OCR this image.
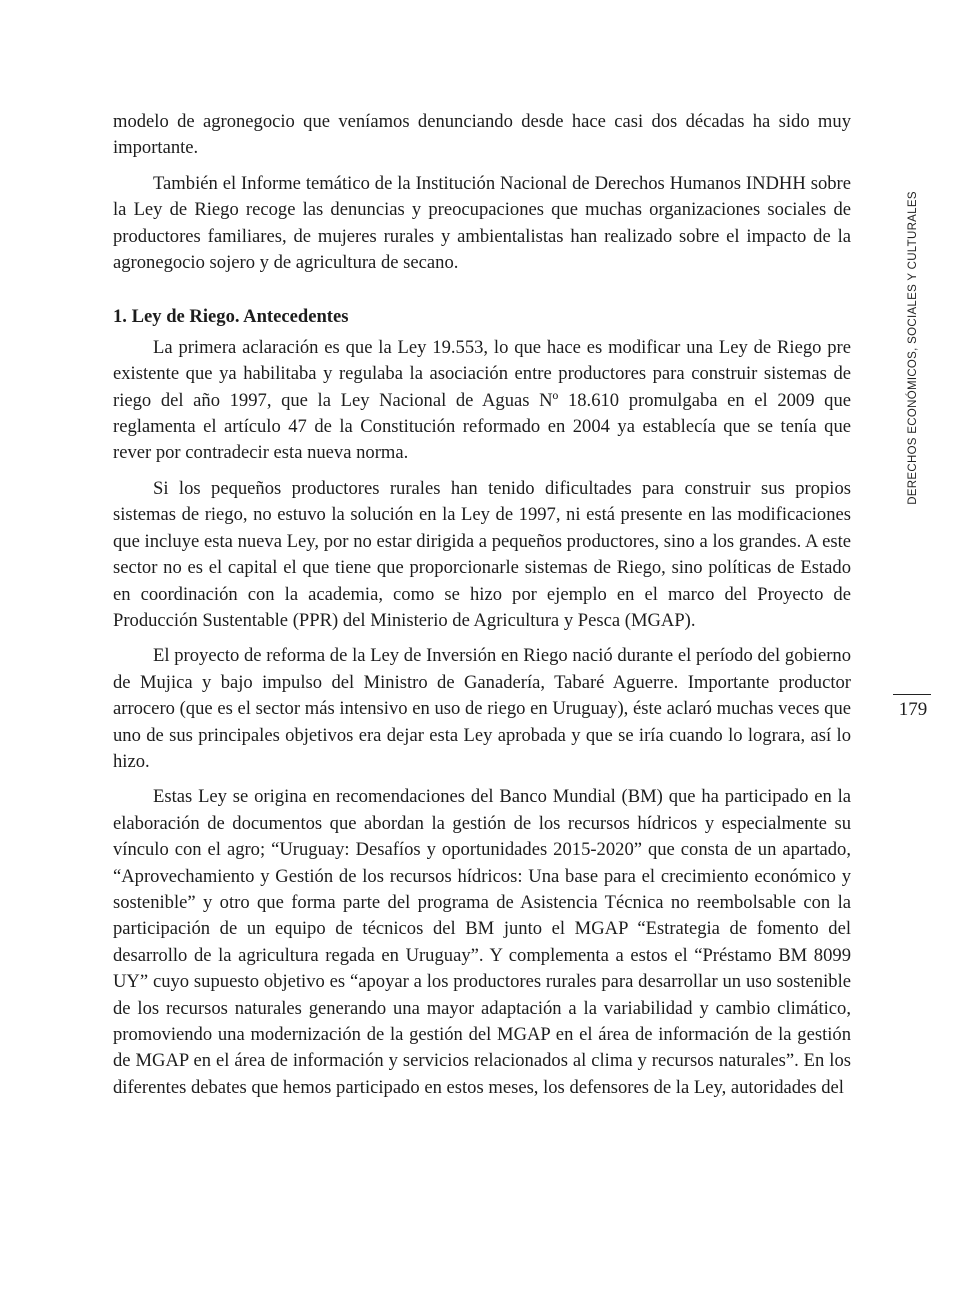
modelo de agronegocio que veníamos denunciando desde hace casi dos décadas ha sido muy importante.

También el Informe temático de la Institución Nacional de Derechos Humanos INDHH sobre la Ley de Riego recoge las denuncias y preocupaciones que muchas organizaciones sociales de productores familiares, de mujeres rurales y ambientalistas han realizado sobre el impacto de la agronegocio sojero y de agricultura de secano.

1. Ley de Riego. Antecedentes

La primera aclaración es que la Ley 19.553, lo que hace es modificar una Ley de Riego pre existente que ya habilitaba y regulaba la asociación entre productores para construir sistemas de riego del año 1997, que la Ley Nacional de Aguas Nº 18.610 promulgaba en el 2009 que reglamenta el artículo 47 de la Constitución reformado en 2004 ya establecía que se tenía que rever por contradecir esta nueva norma.

Si los pequeños productores rurales han tenido dificultades para construir sus propios sistemas de riego, no estuvo la solución en la Ley de 1997, ni está presente en las modificaciones que incluye esta nueva Ley, por no estar dirigida a pequeños productores, sino a los grandes. A este sector no es el capital el que tiene que proporcionarle sistemas de Riego, sino políticas de Estado en coordinación con la academia, como se hizo por ejemplo en el marco del Proyecto de Producción Sustentable (PPR) del Ministerio de Agricultura y Pesca (MGAP).

El proyecto de reforma de la Ley de Inversión en Riego nació durante el período del gobierno de Mujica y bajo impulso del Ministro de Ganadería, Tabaré Aguerre. Importante productor arrocero (que es el sector más intensivo en uso de riego en Uruguay), éste aclaró muchas veces que uno de sus principales objetivos era dejar esta Ley aprobada y que se iría cuando lo lograra, así lo hizo.

Estas Ley se origina en recomendaciones del Banco Mundial (BM) que ha participado en la elaboración de documentos que abordan la gestión de los recursos hídricos y especialmente su vínculo con el agro; “Uruguay: Desafíos y oportunidades 2015-2020” que consta de un apartado, “Aprovechamiento y Gestión de los recursos hídricos: Una base para el crecimiento económico y sostenible” y otro que forma parte del programa de Asistencia Técnica no reembolsable con la participación de un equipo de técnicos del BM junto el MGAP “Estrategia de fomento del desarrollo de la agricultura regada en Uruguay”. Y complementa a estos el “Préstamo BM 8099 UY” cuyo supuesto objetivo es “apoyar a los productores rurales para desarrollar un uso sostenible de los recursos naturales generando una mayor adaptación a la variabilidad y cambio climático, promoviendo una modernización de la gestión del MGAP en el área de información de la gestión de MGAP en el área de información y servicios relacionados al clima y recursos naturales”. En los diferentes debates que hemos participado en estos meses, los defensores de la Ley, autoridades del

DERECHOS ECONÓMICOS, SOCIALES Y CULTURALES
179
